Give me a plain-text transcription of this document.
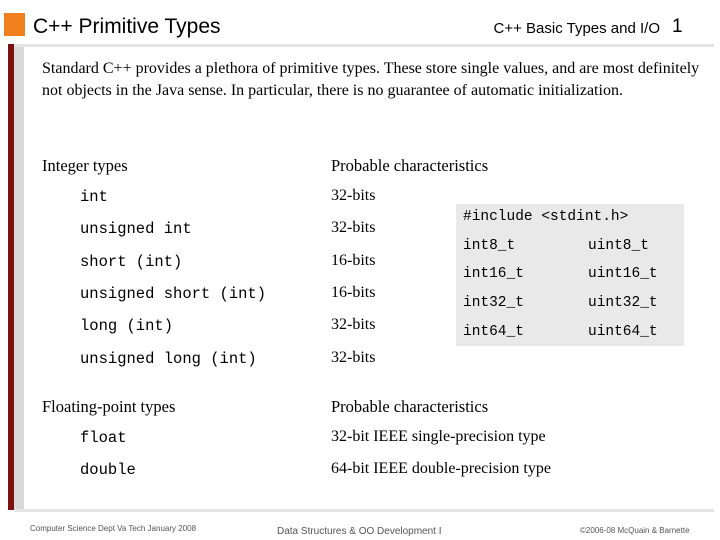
C++ Primitive Types	C++ Basic Types and I/O 1
Standard C++ provides a plethora of primitive types. These store single values, and are most definitely not objects in the Java sense. In particular, there is no guarantee of automatic initialization.
Integer types	Probable characteristics
int	32-bits
unsigned int	32-bits
short (int)	16-bits
unsigned short (int)	16-bits
long (int)	32-bits
unsigned long (int)	32-bits
#include <stdint.h>
int8_t	uint8_t
int16_t	uint16_t
int32_t	uint32_t
int64_t	uint64_t
Floating-point types	Probable characteristics
float	32-bit IEEE single-precision type
double	64-bit IEEE double-precision type
Computer Science Dept Va Tech January 2008	Data Structures & OO Development I	©2006-08 McQuain & Barnette
